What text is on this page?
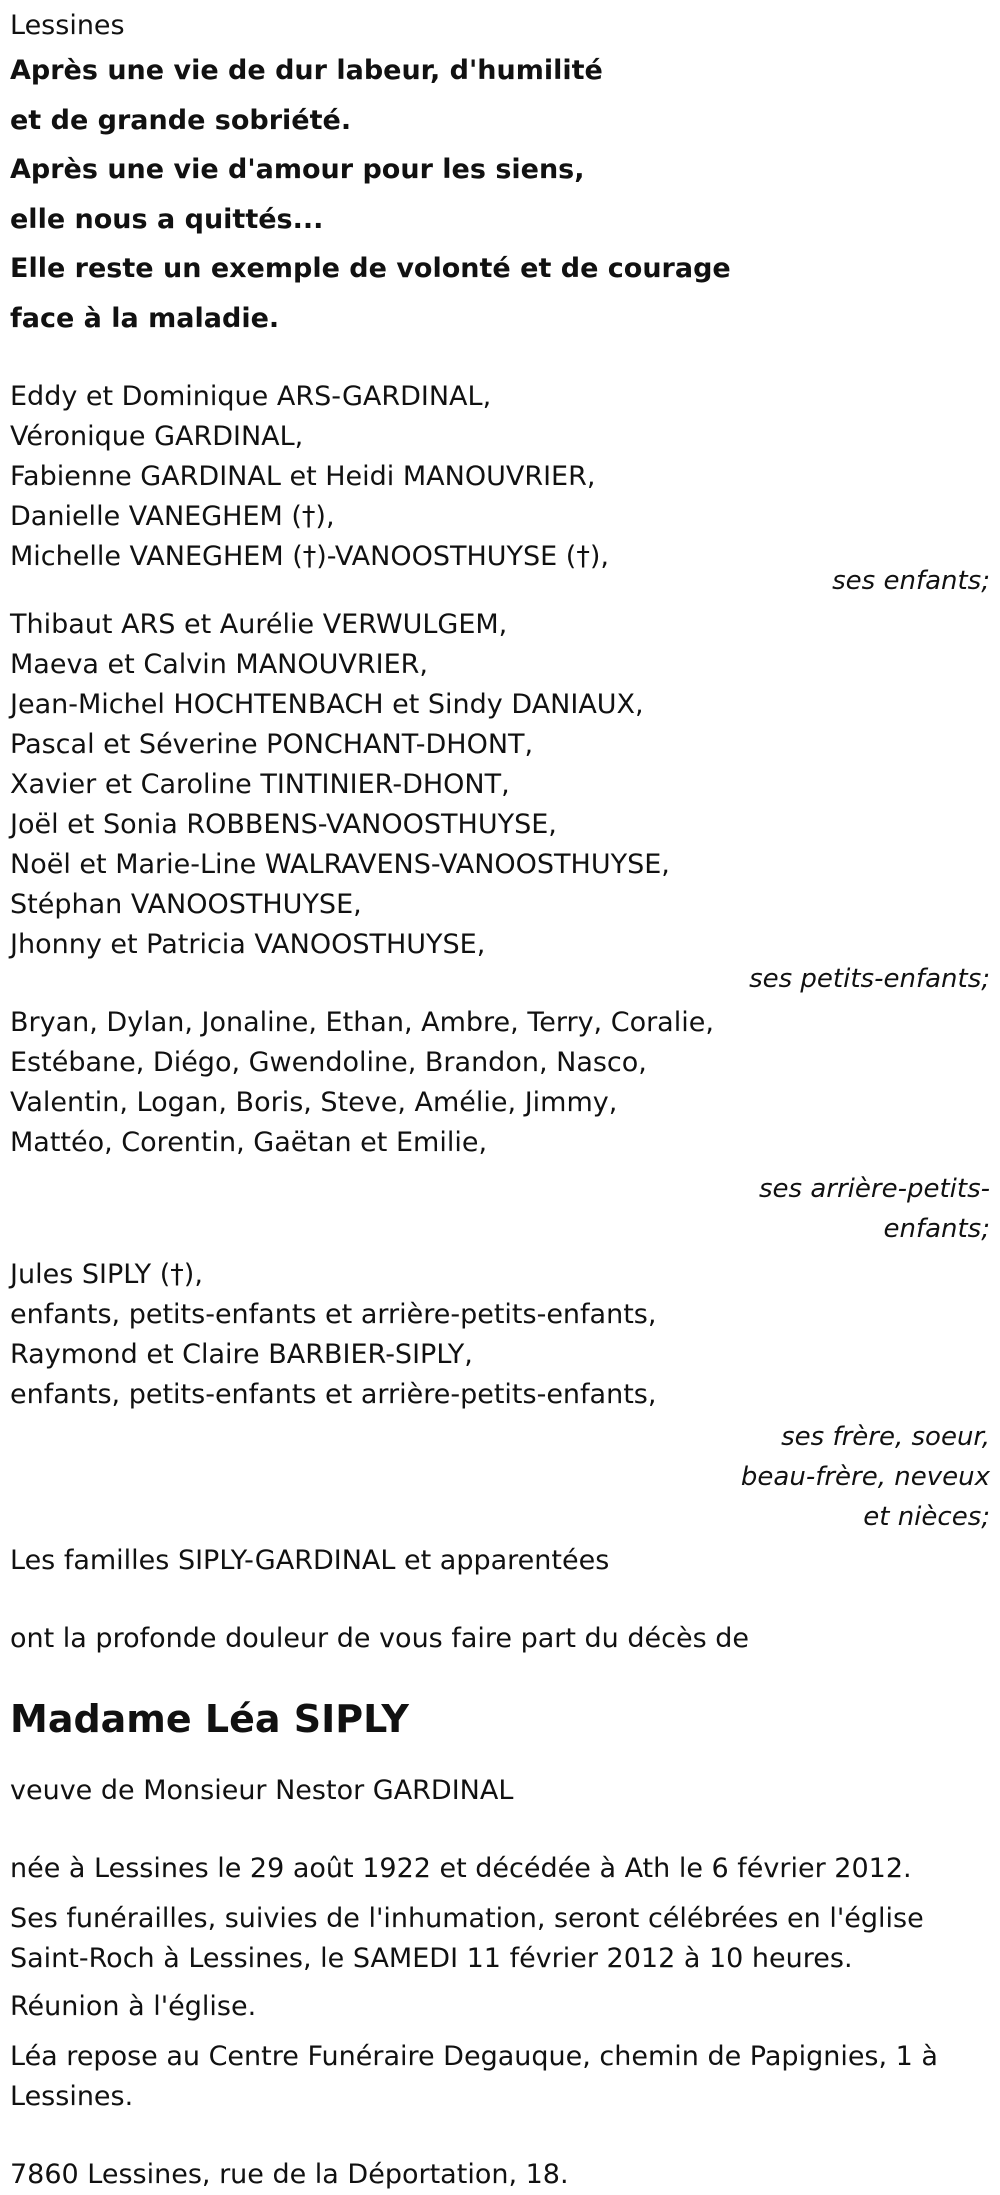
Lessines
Après une vie de dur labeur, d'humilité
et de grande sobriété.
Après une vie d'amour pour les siens,
elle nous a quittés...
Elle reste un exemple de volonté et de courage
face à la maladie.
Eddy et Dominique ARS-GARDINAL,
Véronique GARDINAL,
Fabienne GARDINAL et Heidi MANOUVRIER,
Danielle VANEGHEM (†),
Michelle VANEGHEM (†)-VANOOSTHUYSE (†),
ses enfants;
Thibaut ARS et Aurélie VERWULGEM,
Maeva et Calvin MANOUVRIER,
Jean-Michel HOCHTENBACH et Sindy DANIAUX,
Pascal et Séverine PONCHANT-DHONT,
Xavier et Caroline TINTINIER-DHONT,
Joël et Sonia ROBBENS-VANOOSTHUYSE,
Noël et Marie-Line WALRAVENS-VANOOSTHUYSE,
Stéphan VANOOSTHUYSE,
Jhonny et Patricia VANOOSTHUYSE,
ses petits-enfants;
Bryan, Dylan, Jonaline, Ethan, Ambre, Terry, Coralie,
Estébane, Diégo, Gwendoline, Brandon, Nasco,
Valentin, Logan, Boris, Steve, Amélie, Jimmy,
Mattéo, Corentin, Gaëtan et Emilie,
ses arrière-petits-
enfants;
Jules SIPLY (†),
enfants, petits-enfants et arrière-petits-enfants,
Raymond et Claire BARBIER-SIPLY,
enfants, petits-enfants et arrière-petits-enfants,
ses frère, soeur,
beau-frère, neveux
et nièces;
Les familles SIPLY-GARDINAL et apparentées
ont la profonde douleur de vous faire part du décès de
Madame Léa SIPLY
veuve de Monsieur Nestor GARDINAL
née à Lessines le 29 août 1922 et décédée à Ath le 6 février 2012.
Ses funérailles, suivies de l'inhumation, seront célébrées en l'église Saint-Roch à Lessines, le SAMEDI 11 février 2012 à 10 heures.
Réunion à l'église.
Léa repose au Centre Funéraire Degauque, chemin de Papignies, 1 à Lessines.
7860 Lessines, rue de la Déportation, 18.
